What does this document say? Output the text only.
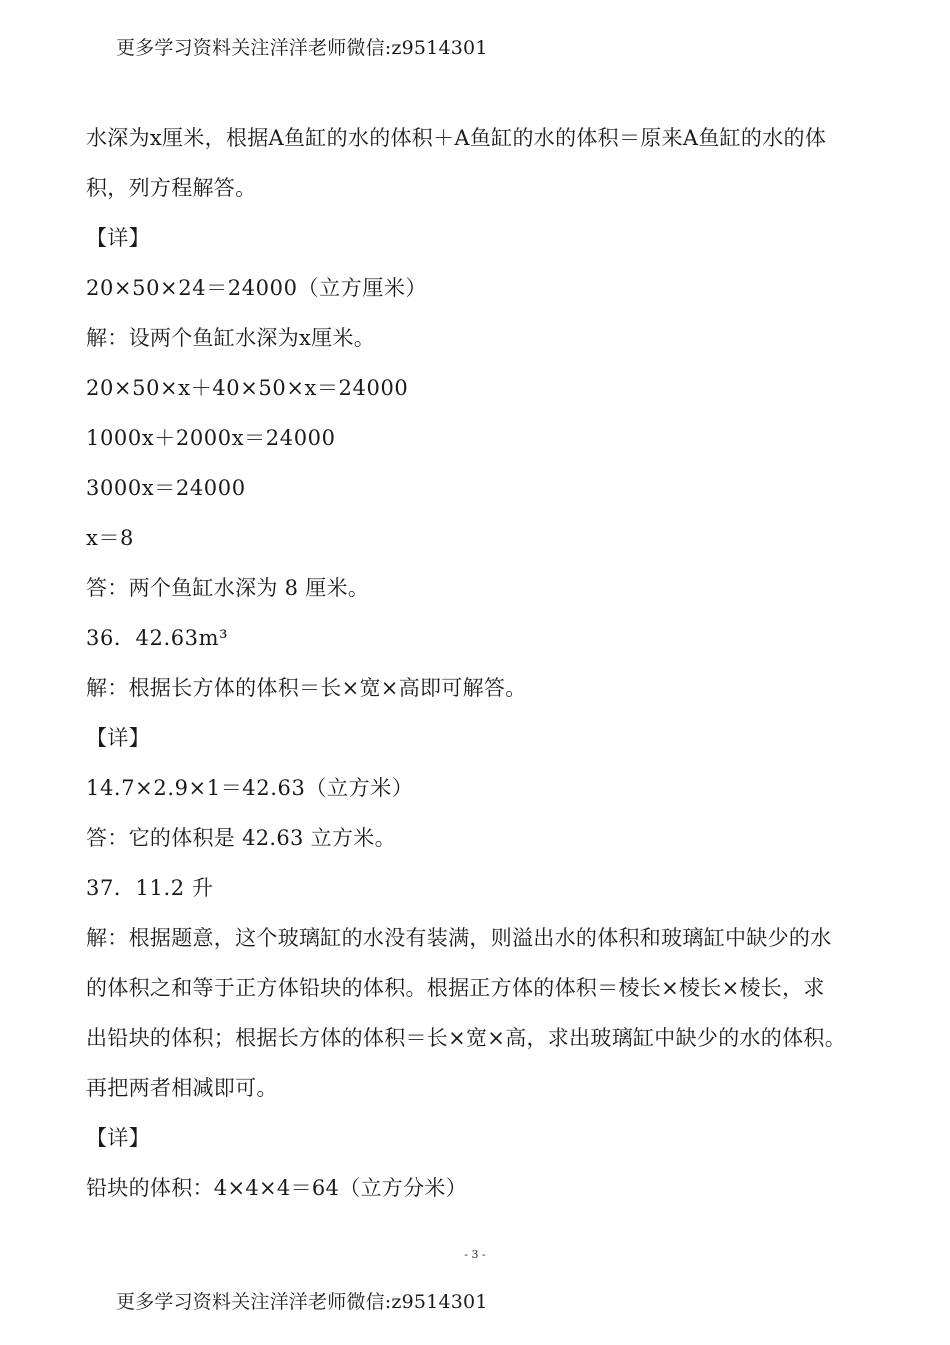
更多学习资料关注洋洋老师微信:z9514301
水深为x厘米，根据A鱼缸的水的体积＋A鱼缸的水的体积＝原来A鱼缸的水的体
积，列方程解答。
【详】
20×50×24＝24000（立方厘米）
解：设两个鱼缸水深为x厘米。
20×50×x＋40×50×x＝24000
1000x＋2000x＝24000
3000x＝24000
x＝8
答：两个鱼缸水深为 8 厘米。
36．42.63m³
解：根据长方体的体积＝长×宽×高即可解答。
【详】
14.7×2.9×1＝42.63（立方米）
答：它的体积是 42.63 立方米。
37．11.2 升
解：根据题意，这个玻璃缸的水没有装满，则溢出水的体积和玻璃缸中缺少的水
的体积之和等于正方体铅块的体积。根据正方体的体积＝棱长×棱长×棱长，求
出铅块的体积；根据长方体的体积＝长×宽×高，求出玻璃缸中缺少的水的体积。
再把两者相减即可。
【详】
铅块的体积：4×4×4＝64（立方分米）
- 3 -
更多学习资料关注洋洋老师微信:z9514301
